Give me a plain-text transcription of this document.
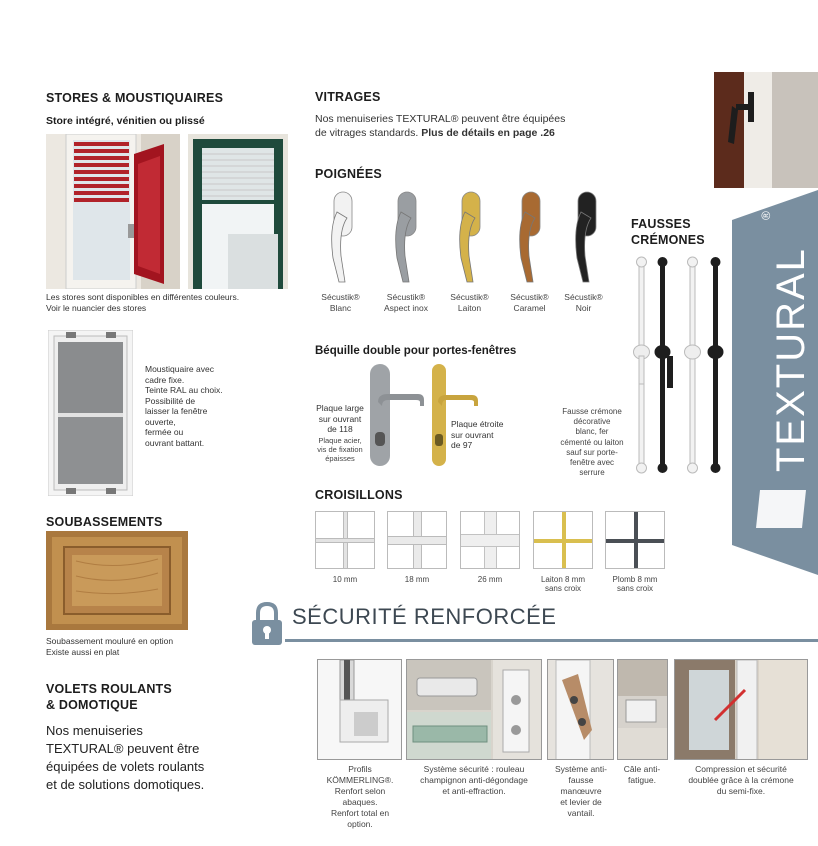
STORES & MOUSTIQUAIRES
Store intégré, vénitien ou plissé
Les stores sont disponibles en différentes couleurs.
Voir le nuancier des stores
Moustiquaire avec
cadre fixe.
Teinte RAL au choix.
Possibilité de
laisser la fenêtre
ouverte,
fermée ou
ouvrant battant.
SOUBASSEMENTS
Soubassement mouluré en option
Existe aussi en plat
VOLETS ROULANTS
& DOMOTIQUE
Nos menuiseries
TEXTURAL® peuvent être
équipées de volets roulants
et de solutions domotiques.
VITRAGES
Nos menuiseries TEXTURAL® peuvent être équipées
de vitrages standards. Plus de détails en page .26
POIGNÉES
Sécustik®
Blanc
Sécustik®
Aspect inox
Sécustik®
Laiton
Sécustik®
Caramel
Sécustik®
Noir
Béquille double pour portes-fenêtres
Plaque large
sur ouvrant
de 118
Plaque acier,
vis de fixation
épaisses
Plaque étroite
sur ouvrant
de 97
CROISILLONS
10 mm	18 mm	26 mm	Laiton 8 mm
sans croix
Plomb 8 mm
sans croix
FAUSSES
CRÉMONES
Fausse crémone
décorative
blanc, fer
cémenté ou laiton
sauf sur porte-
fenêtre avec
serrure
TEXTURAL
®
SÉCURITÉ RENFORCÉE
Profils
KÖMMERLING®.
Renfort selon
abaques.
Renfort total en
option.
Système sécurité : rouleau
champignon anti-dégondage
et anti-effraction.
Système anti-
fausse
manœuvre
et levier de
vantail.
Câle anti-
fatigue.
Compression et sécurité
doublée grâce à la crémone
du semi-fixe.
